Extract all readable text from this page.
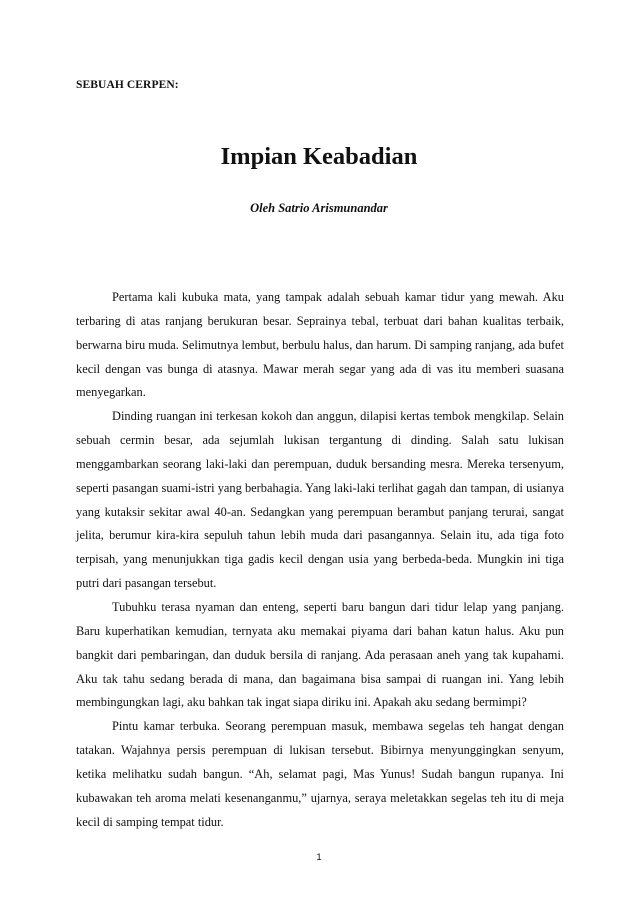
SEBUAH CERPEN:
Impian Keabadian
Oleh Satrio Arismunandar

Pertama kali kubuka mata, yang tampak adalah sebuah kamar tidur yang mewah. Aku terbaring di atas ranjang berukuran besar. Seprainya tebal, terbuat dari bahan kualitas terbaik, berwarna biru muda. Selimutnya lembut, berbulu halus, dan harum. Di samping ranjang, ada bufet kecil dengan vas bunga di atasnya. Mawar merah segar yang ada di vas itu memberi suasana menyegarkan.

Dinding ruangan ini terkesan kokoh dan anggun, dilapisi kertas tembok mengkilap. Selain sebuah cermin besar, ada sejumlah lukisan tergantung di dinding. Salah satu lukisan menggambarkan seorang laki-laki dan perempuan, duduk bersanding mesra. Mereka tersenyum, seperti pasangan suami-istri yang berbahagia. Yang laki-laki terlihat gagah dan tampan, di usianya yang kutaksir sekitar awal 40-an. Sedangkan yang perempuan berambut panjang terurai, sangat jelita, berumur kira-kira sepuluh tahun lebih muda dari pasangannya. Selain itu, ada tiga foto terpisah, yang menunjukkan tiga gadis kecil dengan usia yang berbeda-beda. Mungkin ini tiga putri dari pasangan tersebut.

Tubuhku terasa nyaman dan enteng, seperti baru bangun dari tidur lelap yang panjang. Baru kuperhatikan kemudian, ternyata aku memakai piyama dari bahan katun halus. Aku pun bangkit dari pembaringan, dan duduk bersila di ranjang. Ada perasaan aneh yang tak kupahami. Aku tak tahu sedang berada di mana, dan bagaimana bisa sampai di ruangan ini. Yang lebih membingungkan lagi, aku bahkan tak ingat siapa diriku ini. Apakah aku sedang bermimpi?

Pintu kamar terbuka. Seorang perempuan masuk, membawa segelas teh hangat dengan tatakan. Wajahnya persis perempuan di lukisan tersebut. Bibirnya menyunggingkan senyum, ketika melihatku sudah bangun. “Ah, selamat pagi, Mas Yunus! Sudah bangun rupanya. Ini kubawakan teh aroma melati kesenanganmu,” ujarnya, seraya meletakkan segelas teh itu di meja kecil di samping tempat tidur.

1
